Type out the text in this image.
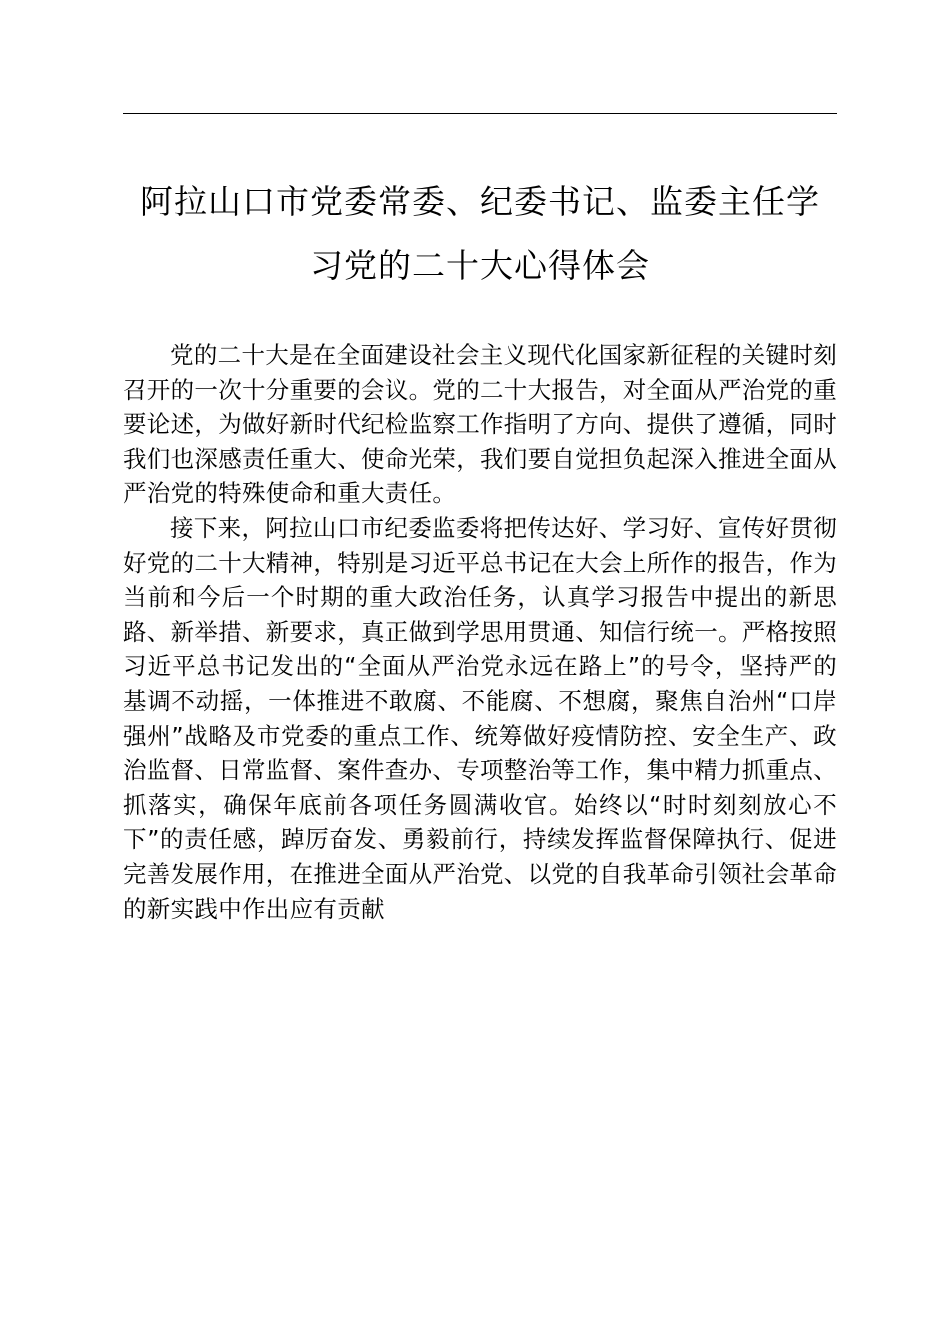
阿拉山口市党委常委、纪委书记、监委主任学
习党的二十大心得体会

党的二十大是在全面建设社会主义现代化国家新征程的关键时刻召开的一次十分重要的会议。党的二十大报告，对全面从严治党的重要论述，为做好新时代纪检监察工作指明了方向、提供了遵循，同时我们也深感责任重大、使命光荣，我们要自觉担负起深入推进全面从严治党的特殊使命和重大责任。

接下来，阿拉山口市纪委监委将把传达好、学习好、宣传好贯彻好党的二十大精神，特别是习近平总书记在大会上所作的报告，作为当前和今后一个时期的重大政治任务，认真学习报告中提出的新思路、新举措、新要求，真正做到学思用贯通、知信行统一。严格按照习近平总书记发出的“全面从严治党永远在路上”的号令，坚持严的基调不动摇，一体推进不敢腐、不能腐、不想腐，聚焦自治州“口岸强州”战略及市党委的重点工作、统筹做好疫情防控、安全生产、政治监督、日常监督、案件查办、专项整治等工作，集中精力抓重点、抓落实，确保年底前各项任务圆满收官。始终以“时时刻刻放心不下”的责任感，踔厉奋发、勇毅前行，持续发挥监督保障执行、促进完善发展作用，在推进全面从严治党、以党的自我革命引领社会革命的新实践中作出应有贡献
